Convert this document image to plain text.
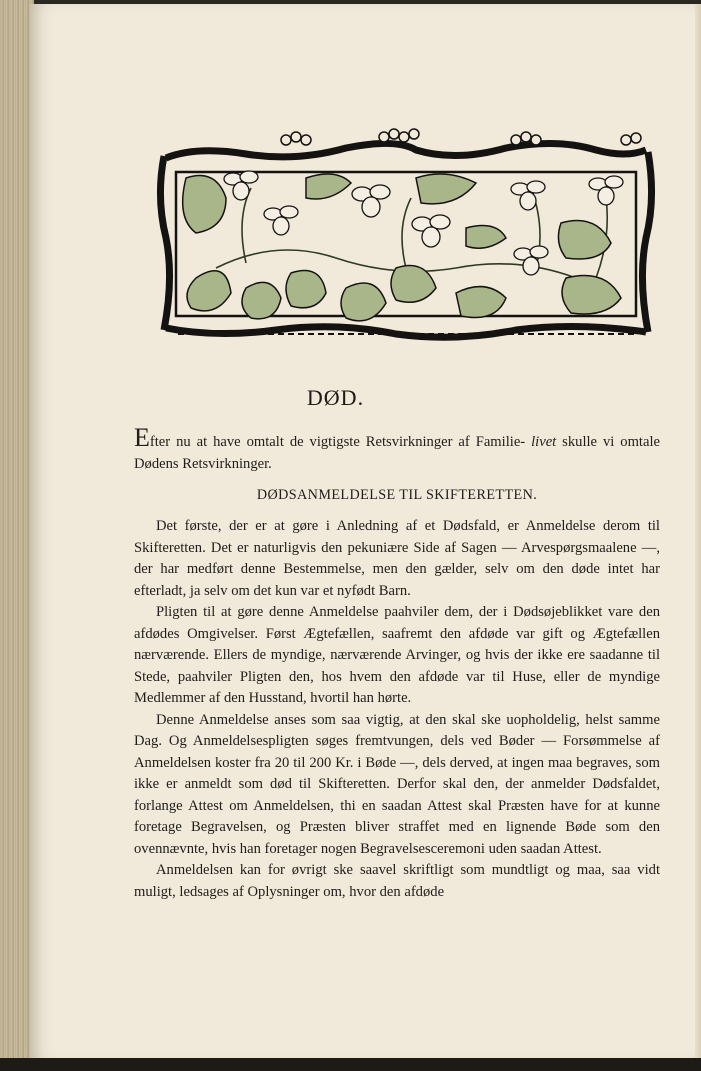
DØD.
Efter nu at have omtalt de vigtigste Retsvirkninger af Familie- livet skulle vi omtale Dødens Retsvirkninger.
DØDSANMELDELSE TIL SKIFTERETTEN.

Det første, der er at gøre i Anledning af et Dødsfald, er Anmeldelse derom til Skifteretten. Det er naturligvis den pekuniære Side af Sagen — Arvespørgsmaalene —, der har medført denne Bestemmelse, men den gælder, selv om den døde intet har efterladt, ja selv om det kun var et nyfødt Barn.

Pligten til at gøre denne Anmeldelse paahviler dem, der i Dødsøjeblikket vare den afdødes Omgivelser. Først Ægtefællen, saafremt den afdøde var gift og Ægtefællen nærværende. Ellers de myndige, nærværende Arvinger, og hvis der ikke ere saadanne til Stede, paahviler Pligten den, hos hvem den afdøde var til Huse, eller de myndige Medlemmer af den Husstand, hvortil han hørte.

Denne Anmeldelse anses som saa vigtig, at den skal ske uopholdelig, helst samme Dag. Og Anmeldelsespligten søges fremtvungen, dels ved Bøder — Forsømmelse af Anmeldelsen koster fra 20 til 200 Kr. i Bøde —, dels derved, at ingen maa begraves, som ikke er anmeldt som død til Skifteretten. Derfor skal den, der anmelder Dødsfaldet, forlange Attest om Anmeldelsen, thi en saadan Attest skal Præsten have for at kunne foretage Begravelsen, og Præsten bliver straffet med en lignende Bøde som den ovennævnte, hvis han foretager nogen Begravelsesceremoni uden saadan Attest.

Anmeldelsen kan for øvrigt ske saavel skriftligt som mundtligt og maa, saa vidt muligt, ledsages af Oplysninger om, hvor den afdøde
